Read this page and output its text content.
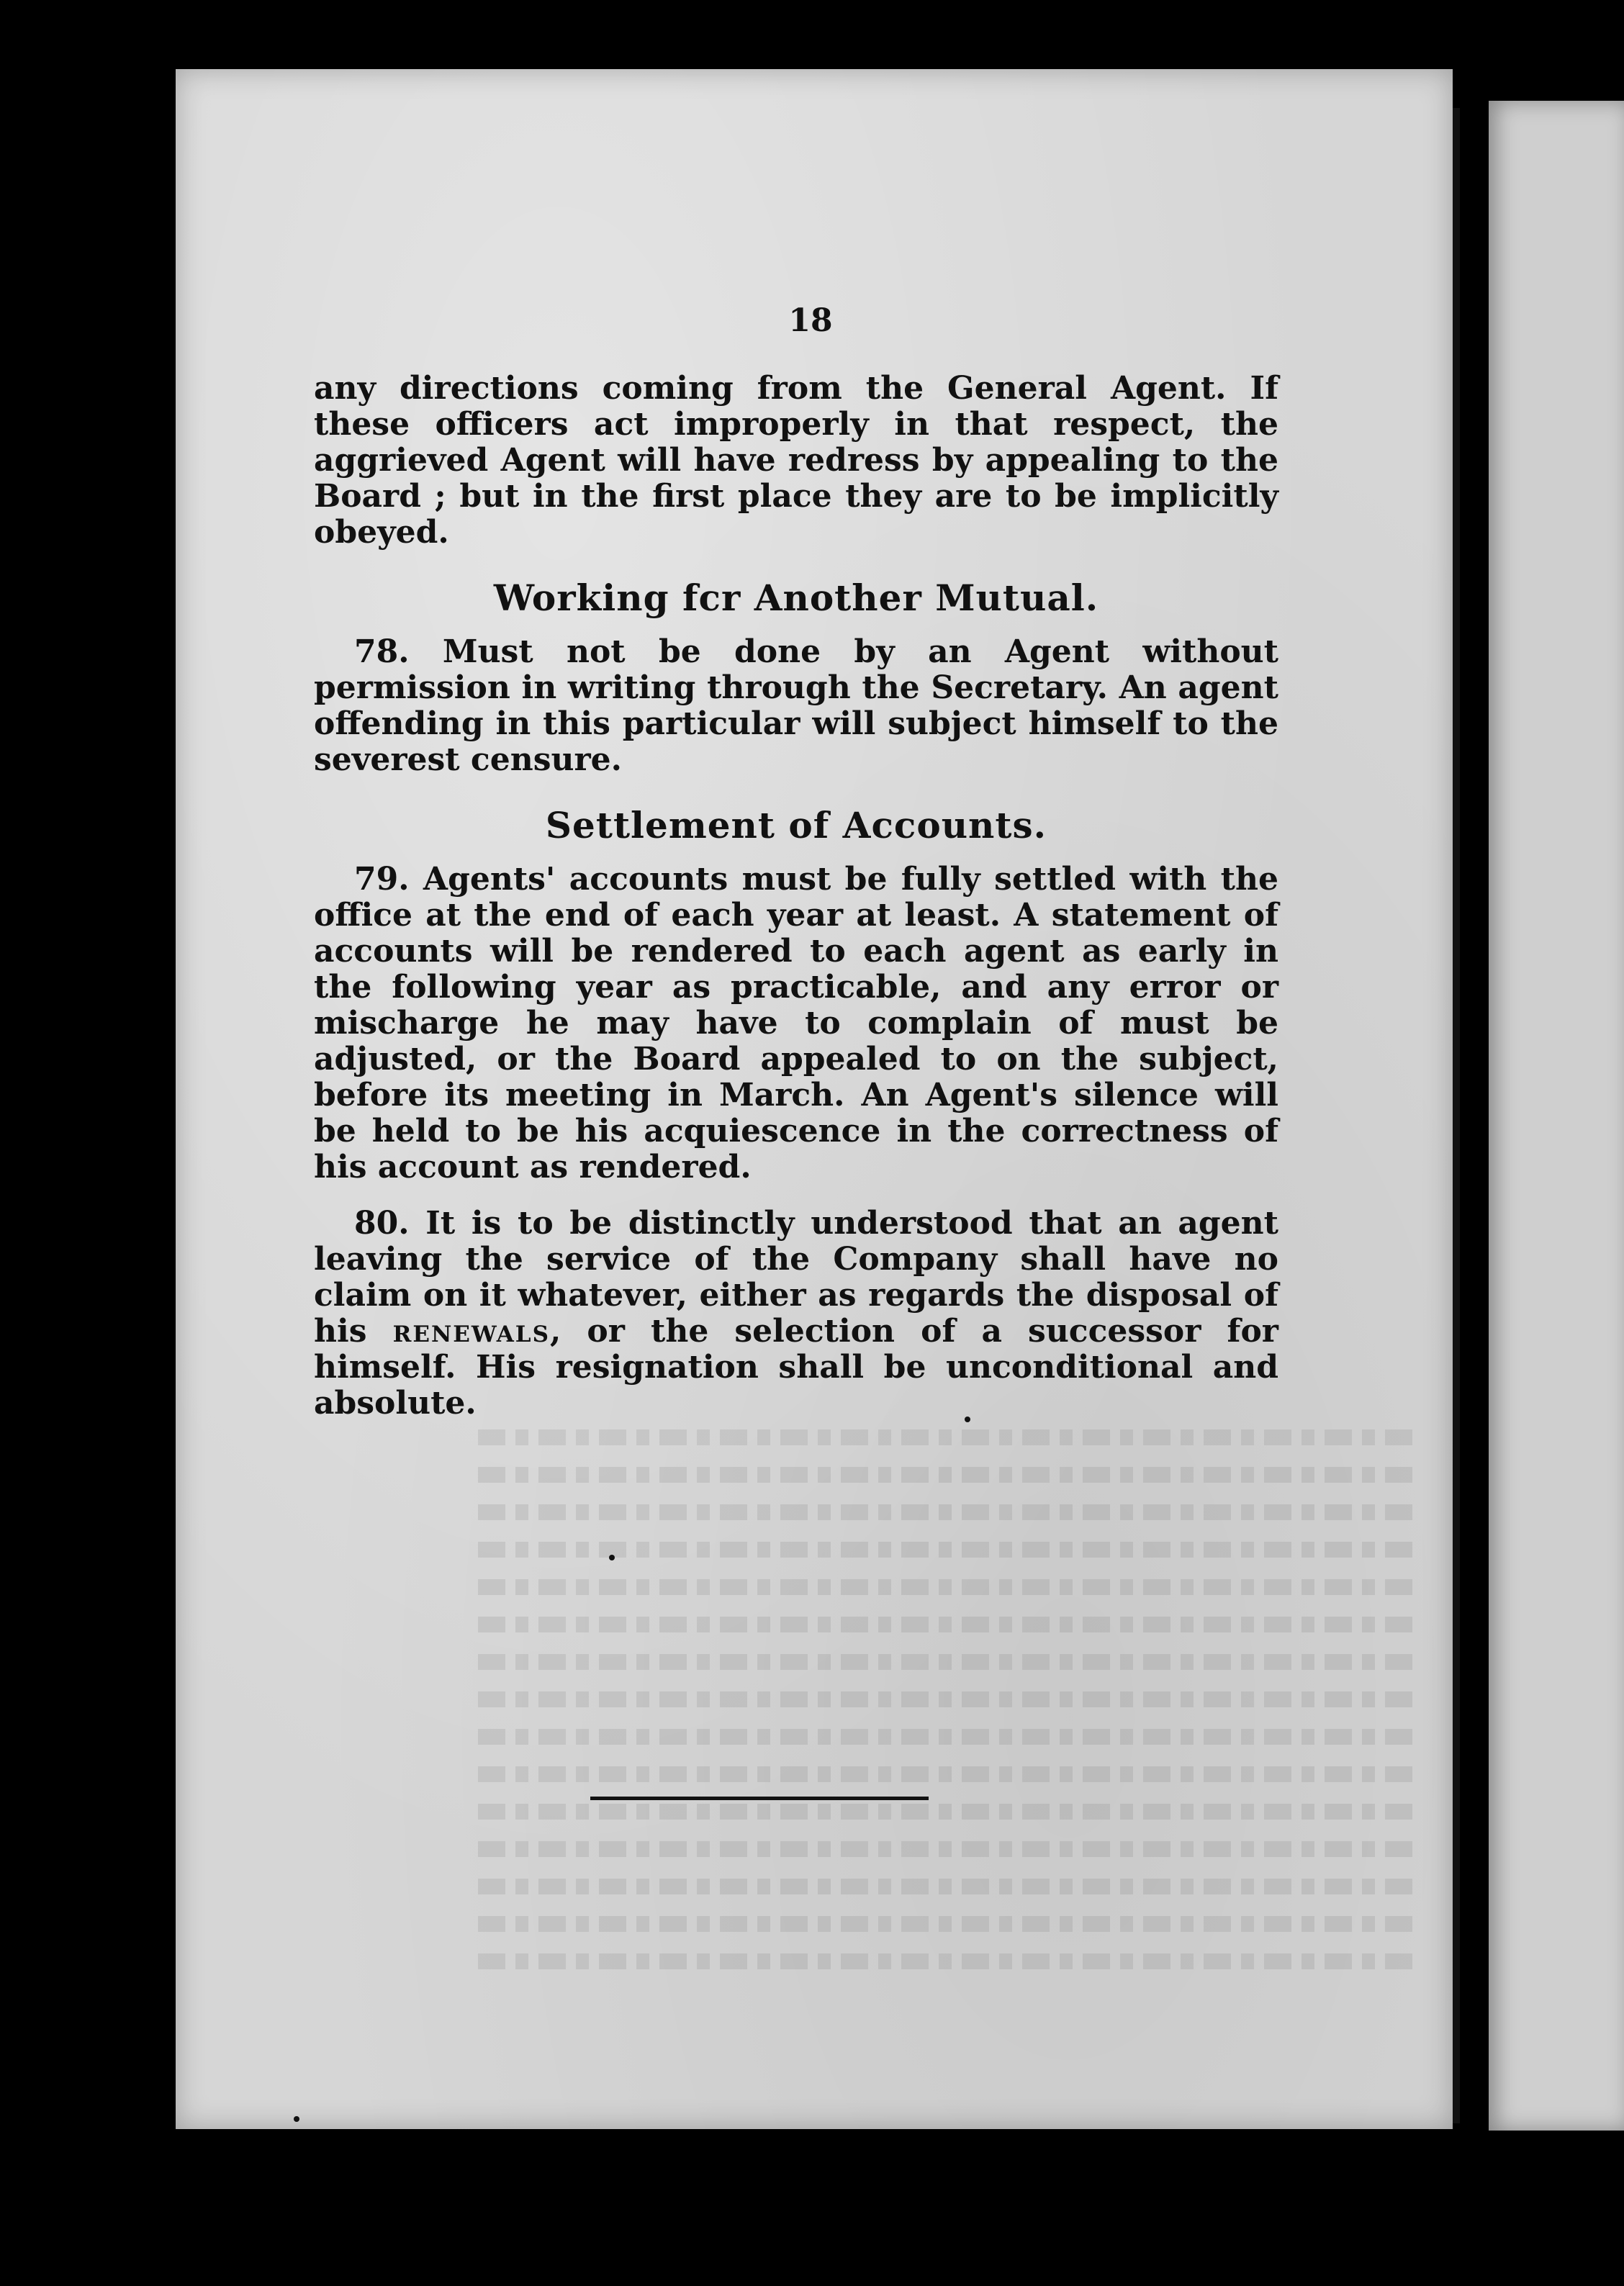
18

any directions coming from the General Agent. If these officers act improperly in that respect, the aggrieved Agent will have redress by appealing to the Board ; but in the first place they are to be implicitly obeyed.

Working fcr Another Mutual.

78. Must not be done by an Agent without permission in writing through the Secretary. An agent offending in this particular will subject himself to the severest censure.

Settlement of Accounts.

79. Agents' accounts must be fully settled with the office at the end of each year at least. A statement of accounts will be rendered to each agent as early in the following year as practicable, and any error or mischarge he may have to complain of must be adjusted, or the Board appealed to on the subject, before its meeting in March. An Agent's silence will be held to be his acquiescence in the correctness of his account as rendered.

80. It is to be distinctly understood that an agent leaving the service of the Company shall have no claim on it whatever, either as regards the disposal of his renewals, or the selection of a successor for himself. His resignation shall be unconditional and absolute.
